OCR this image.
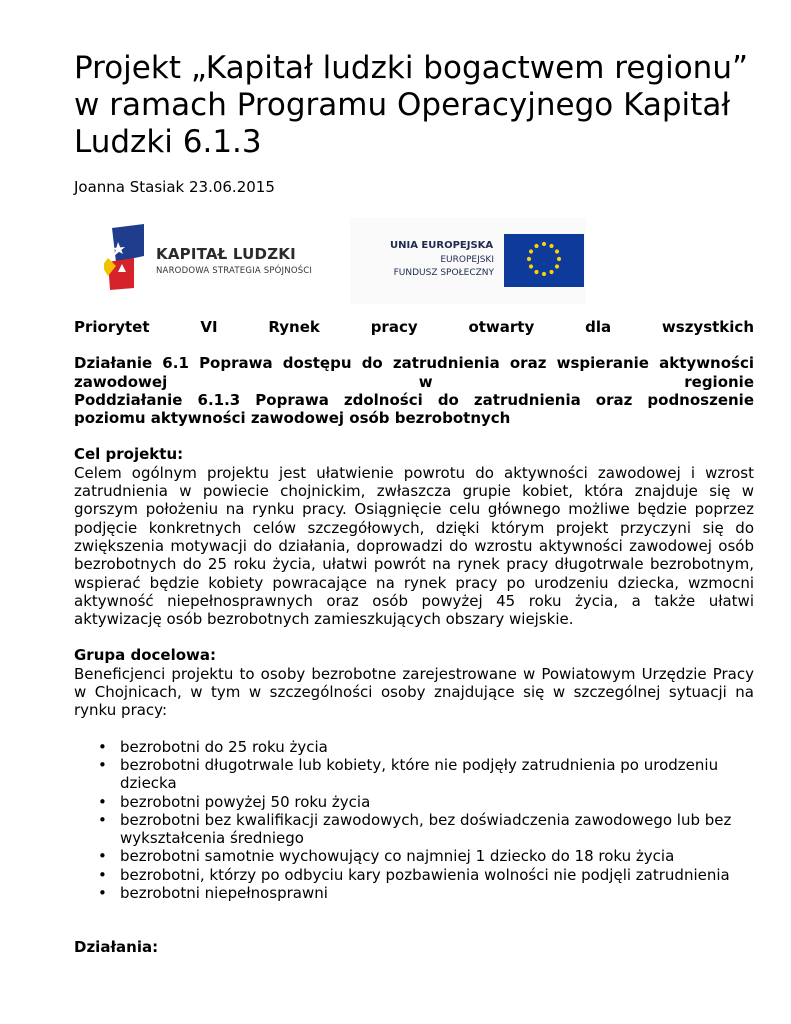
Projekt „Kapitał ludzki bogactwem regionu” w ramach Programu Operacyjnego Kapitał Ludzki 6.1.3
Joanna Stasiak 23.06.2015
KAPITAŁ LUDZKI
NARODOWA STRATEGIA SPÓJNOŚCI
UNIA EUROPEJSKA
EUROPEJSKI
FUNDUSZ SPOŁECZNY
Priorytet VI Rynek pracy otwarty dla wszystkich
Działanie 6.1 Poprawa dostępu do zatrudnienia oraz wspieranie aktywności
zawodowej w regionie
Poddziałanie 6.1.3 Poprawa zdolności do zatrudnienia oraz podnoszenie
poziomu aktywności zawodowej osób bezrobotnych
Cel projektu:
Celem ogólnym projektu jest ułatwienie powrotu do aktywności zawodowej i wzrost zatrudnienia w powiecie chojnickim, zwłaszcza grupie kobiet, która znajduje się w gorszym położeniu na rynku pracy. Osiągnięcie celu głównego możliwe będzie poprzez podjęcie konkretnych celów szczegółowych, dzięki którym projekt przyczyni się do zwiększenia motywacji do działania, doprowadzi do wzrostu aktywności zawodowej osób bezrobotnych do 25 roku życia, ułatwi powrót na rynek pracy długotrwale bezrobotnym, wspierać będzie kobiety powracające na rynek pracy po urodzeniu dziecka, wzmocni aktywność niepełnosprawnych oraz osób powyżej 45 roku życia, a także ułatwi aktywizację osób bezrobotnych zamieszkujących obszary wiejskie.
Grupa docelowa:
Beneficjenci projektu to osoby bezrobotne zarejestrowane w Powiatowym Urzędzie Pracy w Chojnicach, w tym w szczególności osoby znajdujące się w szczególnej sytuacji na rynku pracy:
• bezrobotni do 25 roku życia
• bezrobotni długotrwale lub kobiety, które nie podjęły zatrudnienia po urodzeniu dziecka
• bezrobotni powyżej 50 roku życia
• bezrobotni bez kwalifikacji zawodowych, bez doświadczenia zawodowego lub bez wykształcenia średniego
• bezrobotni samotnie wychowujący co najmniej 1 dziecko do 18 roku życia
• bezrobotni, którzy po odbyciu kary pozbawienia wolności nie podjęli zatrudnienia
• bezrobotni niepełnosprawni
Działania:
